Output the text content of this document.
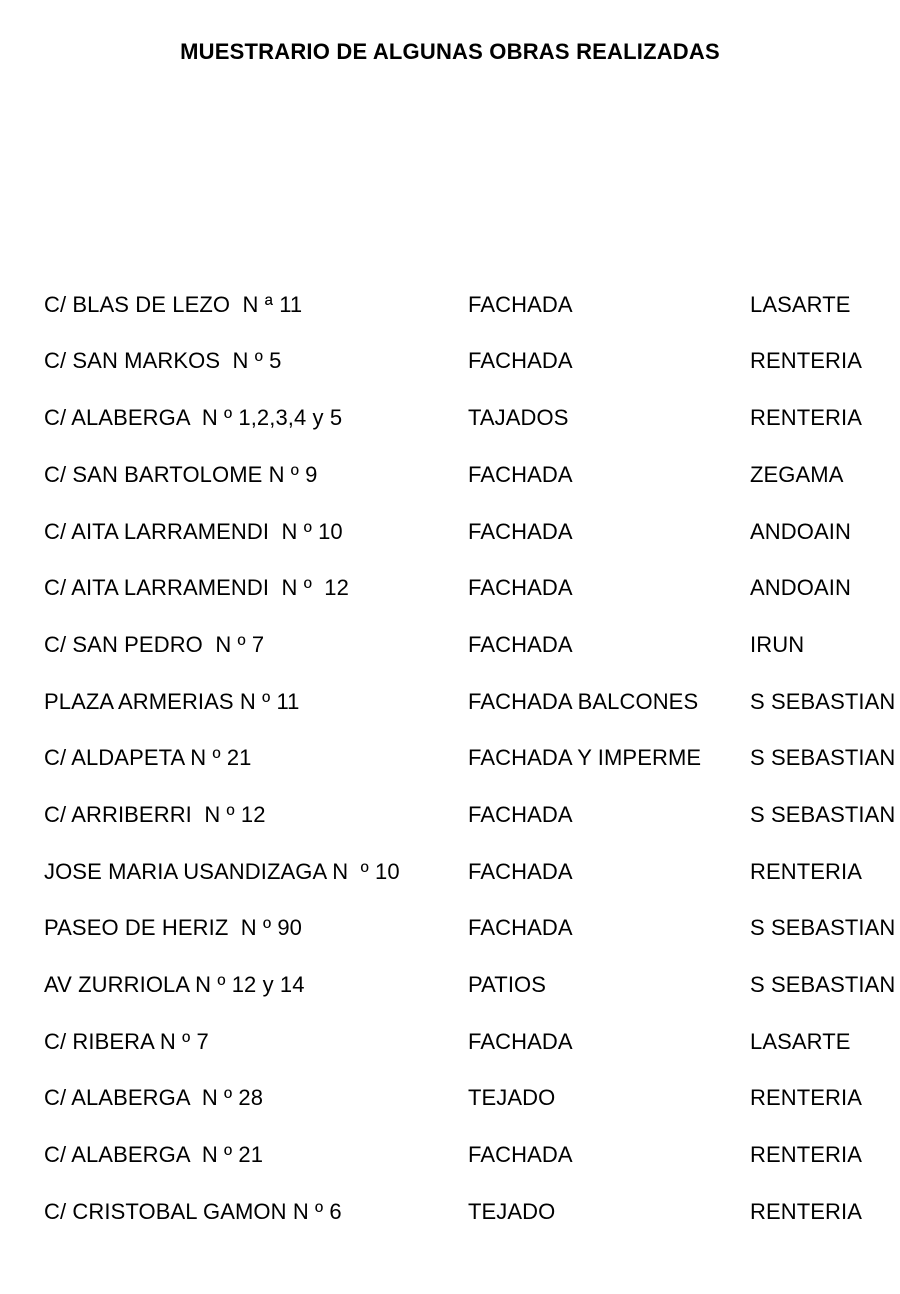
MUESTRARIO DE ALGUNAS OBRAS REALIZADAS
C/ BLAS DE LEZO  N ª 11	FACHADA	LASARTE
C/ SAN MARKOS  N º 5	FACHADA	RENTERIA
C/ ALABERGA  N º 1,2,3,4 y 5	TAJADOS	RENTERIA
C/ SAN BARTOLOME N º 9	FACHADA	ZEGAMA
C/ AITA LARRAMENDI  N º 10	FACHADA	ANDOAIN
C/ AITA LARRAMENDI  N º  12	FACHADA	ANDOAIN
C/ SAN PEDRO  N º 7	FACHADA	IRUN
PLAZA ARMERIAS N º 11	FACHADA BALCONES	S SEBASTIAN
C/ ALDAPETA N º 21	FACHADA Y IMPERME	S SEBASTIAN
C/ ARRIBERRI  N º 12	FACHADA	S SEBASTIAN
JOSE MARIA USANDIZAGA N  º 10	FACHADA	RENTERIA
PASEO DE HERIZ  N º 90	FACHADA	S SEBASTIAN
AV ZURRIOLA N º 12 y 14	PATIOS	S SEBASTIAN
C/ RIBERA N º 7	FACHADA	LASARTE
C/ ALABERGA  N º 28	TEJADO	RENTERIA
C/ ALABERGA  N º 21	FACHADA	RENTERIA
C/ CRISTOBAL GAMON N º 6	TEJADO	RENTERIA
